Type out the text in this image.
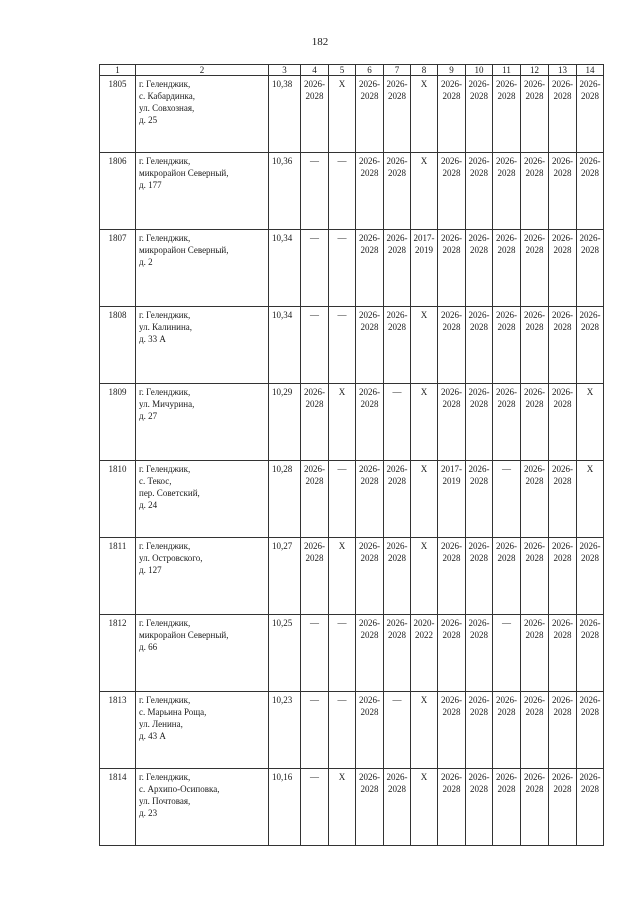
182
1	2	3	4	5	6	7	8	9	10	11	12	13	14
1805	г. Геленджик,
с. Кабардинка,
ул. Совхозная,
д. 25	10,38	2026-
2028	X	2026-
2028	2026-
2028	X	2026-
2028	2026-
2028	2026-
2028	2026-
2028	2026-
2028	2026-
2028

1806	г. Геленджик,
микрорайон Северный,
д. 177	10,36	—	—	2026-
2028	2026-
2028	X	2026-
2028	2026-
2028	2026-
2028	2026-
2028	2026-
2028	2026-
2028

1807	г. Геленджик,
микрорайон Северный,
д. 2	10,34	—	—	2026-
2028	2026-
2028	2017-
2019	2026-
2028	2026-
2028	2026-
2028	2026-
2028	2026-
2028	2026-
2028

1808	г. Геленджик,
ул. Калинина,
д. 33 А	10,34	—	—	2026-
2028	2026-
2028	X	2026-
2028	2026-
2028	2026-
2028	2026-
2028	2026-
2028	2026-
2028

1809	г. Геленджик,
ул. Мичурина,
д. 27	10,29	2026-
2028	X	2026-
2028	—	X	2026-
2028	2026-
2028	2026-
2028	2026-
2028	2026-
2028	X
1810	г. Геленджик,
с. Текос,
пер. Советский,
д. 24	10,28	2026-
2028	—	2026-
2028	2026-
2028	X	2017-
2019	2026-
2028	—	2026-
2028	2026-
2028	X
1811	г. Геленджик,
ул. Островского,
д. 127	10,27	2026-
2028	X	2026-
2028	2026-
2028	X	2026-
2028	2026-
2028	2026-
2028	2026-
2028	2026-
2028	2026-
2028

1812	г. Геленджик,
микрорайон Северный,
д. 66	10,25	—	—	2026-
2028	2026-
2028	2020-
2022	2026-
2028	2026-
2028	—	2026-
2028	2026-
2028	2026-
2028

1813	г. Геленджик,
с. Марьина Роща,
ул. Ленина,
д. 43 А	10,23	—	—	2026-
2028	—	X	2026-
2028	2026-
2028	2026-
2028	2026-
2028	2026-
2028	2026-
2028

1814	г. Геленджик,
с. Архипо-Осиповка,
ул. Почтовая,
д. 23	10,16	—	X	2026-
2028	2026-
2028	X	2026-
2028	2026-
2028	2026-
2028	2026-
2028	2026-
2028	2026-
2028
